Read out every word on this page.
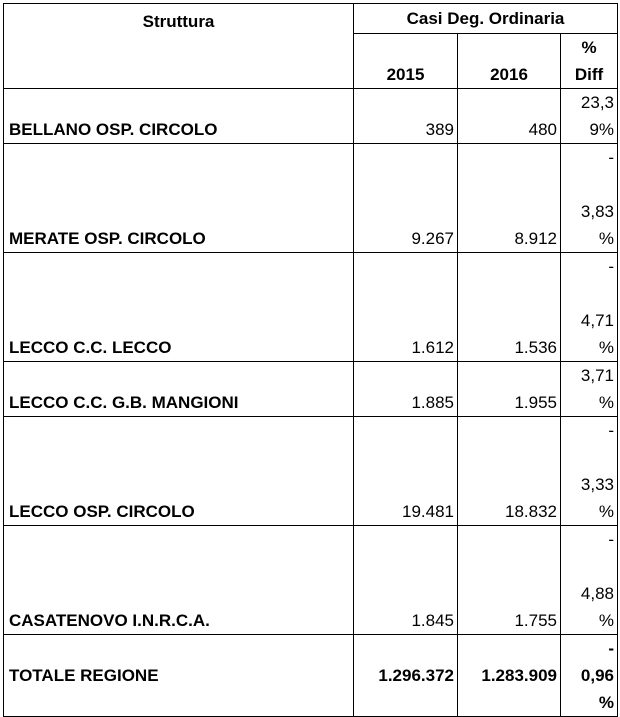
Struttura	Casi Deg. Ordinaria		
	2015	2016	%
Diff

BELLANO OSP. CIRCOLO	389	480	23,3
9%

MERATE OSP. CIRCOLO	9.267	8.912	-
3,83
%

LECCO C.C. LECCO	1.612	1.536	-
4,71
%

LECCO C.C. G.B. MANGIONI	1.885	1.955	3,71
%

LECCO OSP. CIRCOLO	19.481	18.832	-
3,33
%

CASATENOVO I.N.R.C.A.	1.845	1.755	-
4,88
%

TOTALE REGIONE	1.296.372	1.283.909	-
0,96
%
